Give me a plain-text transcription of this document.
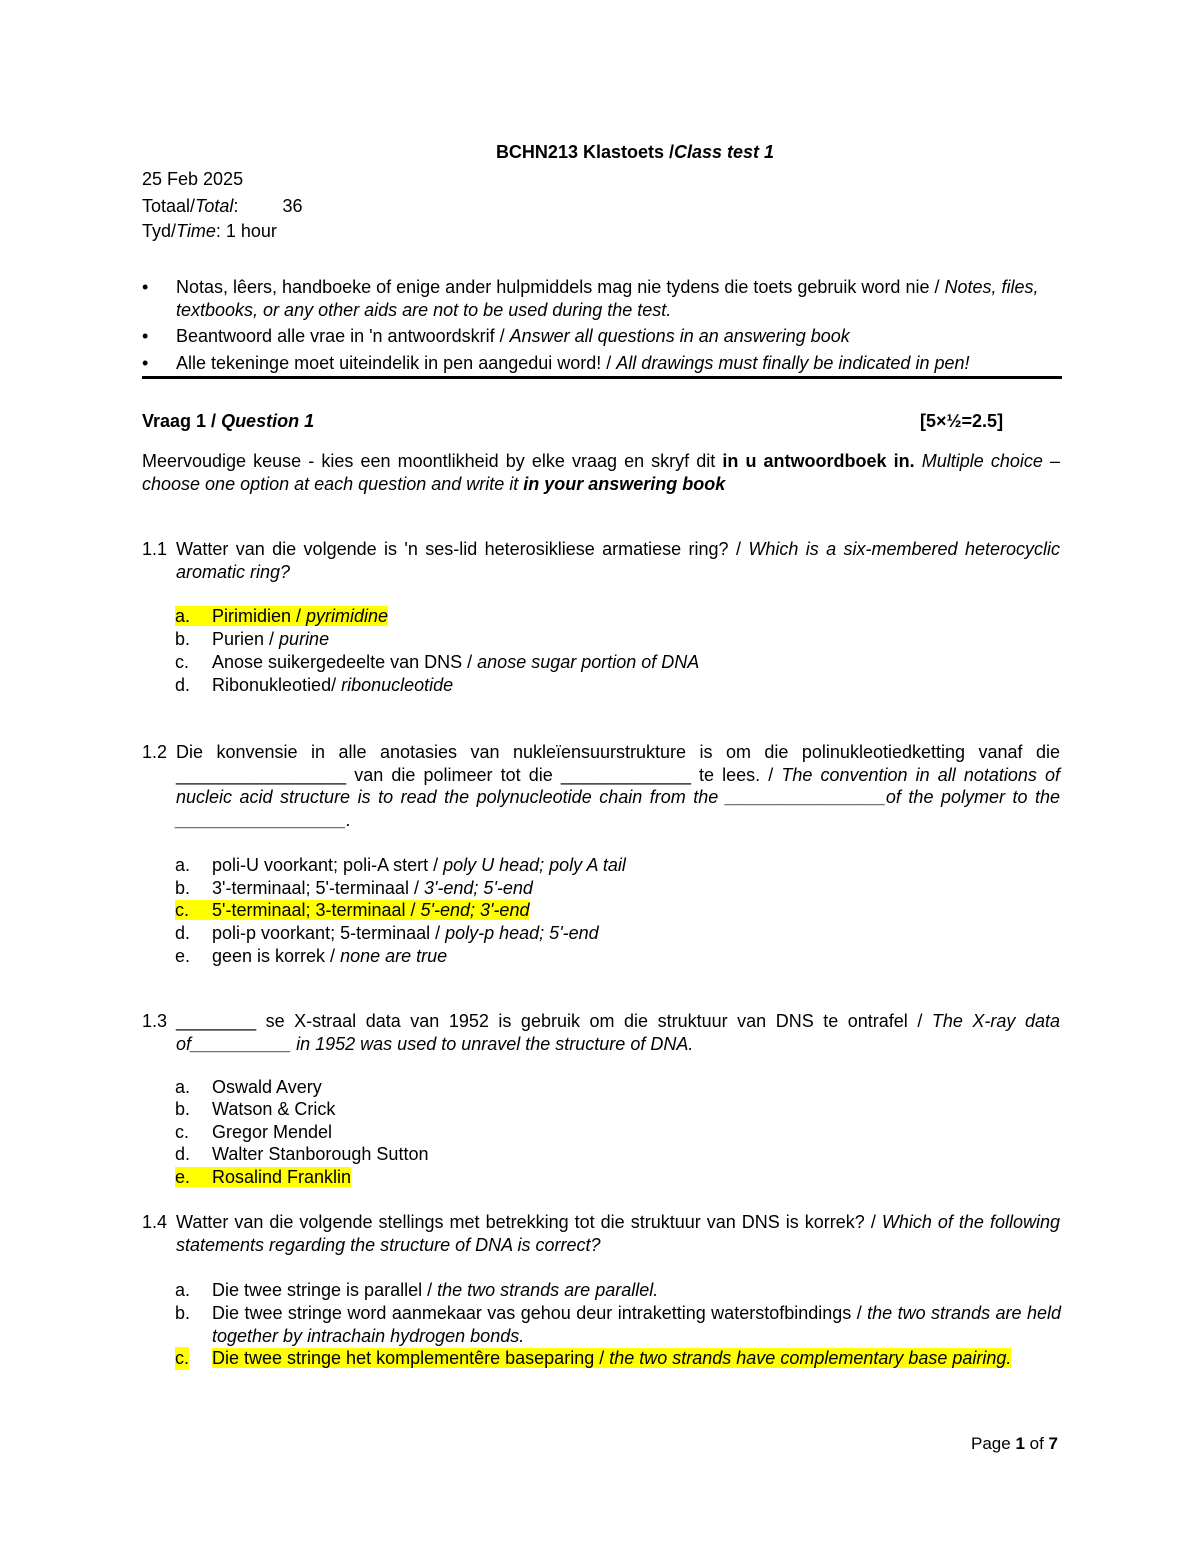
BCHN213 Klastoets /Class test 1
25 Feb 2025
Totaal/Total: 36
Tyd/Time: 1 hour
• Notas, lêers, handboeke of enige ander hulpmiddels mag nie tydens die toets gebruik word nie / Notes, files, textbooks, or any other aids are not to be used during the test.
• Beantwoord alle vrae in 'n antwoordskrif / Answer all questions in an answering book
• Alle tekeninge moet uiteindelik in pen aangedui word! / All drawings must finally be indicated in pen!
Vraag 1 / Question 1	[5×½=2.5]
Meervoudige keuse - kies een moontlikheid by elke vraag en skryf dit in u antwoordboek in. Multiple choice – choose one option at each question and write it in your answering book
1.1 Watter van die volgende is 'n ses-lid heterosikliese armatiese ring? / Which is a six-membered heterocyclic aromatic ring?
a. Pirimidien / pyrimidine
b.	Purien / purine
c.	Anose suikergedeelte van DNS / anose sugar portion of DNA
d.	Ribonukleotied/ ribonucleotide
1.2 Die konvensie in alle anotasies van nukleïensuurstrukture is om die polinukleotiedketting vanaf die _________________ van die polimeer tot die _____________ te lees. / The convention in all notations of nucleic acid structure is to read the polynucleotide chain from the ________________of the polymer to the _________________.
a.	poli-U voorkant; poli-A stert / poly U head; poly A tail
b.	3'-terminaal; 5'-terminaal / 3'-end; 5'-end
c. 5'-terminaal; 3-terminaal / 5'-end; 3'-end
d.	poli-p voorkant; 5-terminaal / poly-p head; 5'-end
e.	geen is korrek / none are true
1.3 ________ se X-straal data van 1952 is gebruik om die struktuur van DNS te ontrafel / The X-ray data of__________ in 1952 was used to unravel the structure of DNA.
a.	Oswald Avery
b.	Watson & Crick
c.	Gregor Mendel
d.	Walter Stanborough Sutton
e. Rosalind Franklin
1.4 Watter van die volgende stellings met betrekking tot die struktuur van DNS is korrek? / Which of the following statements regarding the structure of DNA is correct?
a.	Die twee stringe is parallel / the two strands are parallel.
b.	Die twee stringe word aanmekaar vas gehou deur intraketting waterstofbindings / the two strands are held together by intrachain hydrogen bonds.
c.	Die twee stringe het komplementêre baseparing / the two strands have complementary base pairing.
Page 1 of 7
